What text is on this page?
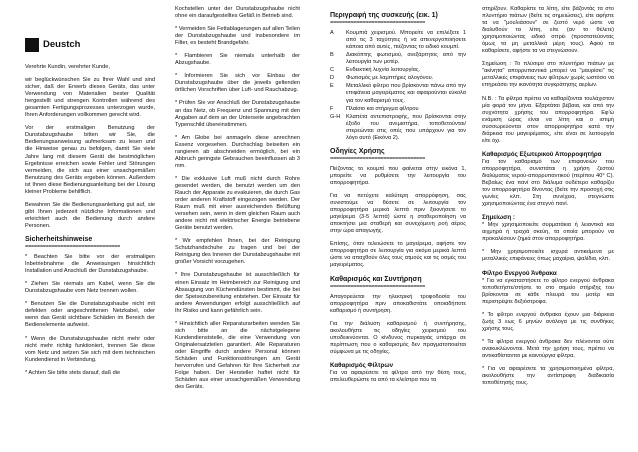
Deustch

Verehrte Kundin, verehrter Kunde,

wir beglückwünschen Sie zu Ihrer Wahl und sind sicher, daß der Erwerb dieses Geräts, das unter Verwendung von Materialien bester Qualität hergestellt und strengen Kontrollen während des gesamten Fertigungsprozesses unterzogen wurde, Ihren Anforderungen vollkommen gerecht wird.

Vor der erstmaligen Benutzung der Dunstabzugshaube bitten wir Sie, die Bedienungsanweisung aufmerksam zu lesen und die Hinweise genau zu befolgen, damit Sie viele Jahre lang mit diesem Gerät die bestmöglichen Ergebnisse erreichen sowie Fehler und Störungen vermeiden, die sich aus einer unsachgemäßen Benutzung des Geräts ergeben können. Außerdem ist Ihnen diese Bedienungsanleitung bei der Lösung kleiner Probleme behilflich.

Bewahren Sie die Bedienungsanleitung gut auf, sie gibt Ihnen jederzeit nützliche Informationen und erleichtert auch die Bedienung durch andere Personen.

Sicherheitshinweise
================================

* Beachten Sie bitte vor der erstmaligen Inbetriebnahme die Anweisungen hinsichtlich Installation und Anschluß der Dunstabzugshaube.

* Ziehen Sie niemals am Kabel, wenn Sie die Dunstabzugshaube vom Netz trennen wollen.

* Benutzen Sie die Dunstabzugshaube nicht mit defekten oder angeschnittenen Netzkabel, oder wenn das Gerät sichtbare Schäden im Bereich der Bedienelemente aufweist.

* Wenn die Dunstabzugshaube nicht mehr oder nicht mehr richtig funktioniert, trennen Sie diese vom Netz und setzen Sie sich mit dem technischen Kundendienst in Verbindung.

* Achten Sie bitte stets darauf, daß die

Kochstellen unter der Dunstabzugshaube nicht ohne ein daraufgestelltes Gefäß in Betrieb sind.

* Vermeiden Sie Fettablagerungen auf allen Teilen der Dunstabzugshaube und insbesondere im Filter, es besteht Brandgefahr.

* Flambieren Sie niemals unterhalb der Abzugshaube.

* Informieren Sie sich vor Einbau der Dunstabzugshaube über die jeweils geltenden örtlichen Vorschriften über Luft- und Rauchabzug.

* Prüfen Sie vor Anschluß der Dunstabzugshaube an das Netz, ob Frequenz und Spannung mit den Angaben auf dem an der Unterseite angebrachten Typenschild übereinstimmen.

* Am Globe bei anmageln diese anrechnen Essenz vorgesehen. Durchschlag beiseiten ein rangieren ab abschneiden ermöglich, bei ein Abbruch geringste Gebrauchen beeinflussen ab 3 mm.

* Die exklusive Luft muß nicht durch Rohre gesendet werden, die benutzt werden um den Rauch der Apparate zu evakuieren, die durch Gas order anderen Kraftstoff eingezogen werden. Der Raum muß mit einer ausreichenden Belüftung versehen sein, wenn in dem gleichen Raum auch andere nicht mit elektrischer Energie betriebene Geräte benutzt werden.

* Wir empfehlen Ihnen, bei der Reinigung Schutzhandschuhe zu tragen und bei der Reinigung des Inneren der Dunstabzugshaube mit großer Vorsicht vorzugehen.

* Ihre Dunstabzugshaube ist ausschließlich für einen Einsatz im Heimbereich zur Reinigung und Absaugung von Küchendünsten bestimmt, die bei der Speisezubereitung entstehen. Der Einsatz für andere Anwendungen erfolgt ausschließlich auf Ihr Risiko und kann gefährlich sein.

* Hinsichtlich aller Reparaturarbeiten wenden Sie sich bitte an die nächstgelegene Kundendienststelle, die eine Verwendung von Originalersatzteilen garantiert. Alle Reparaturen oder Eingriffe durch andere Personal können Schäden und Funktionsstörungen am Gerät hervorrufen und Gefahren für Ihre Sicherheit zur Folge haben. Der Hersteller haftet nicht für Schäden aus einer unsachgemäßen Verwendung des Geräts.

Περιγραφή της συσκευής (εικ. 1)
================================
A	Κουμπιά χειρισμού. Μπορείτε να επιλέξετε 1 από τις 3 ταχύτητες ή να απενεργοποιήσετε κάποια από αυτές, πιέζοντας το ειδικό κουμπί.
B	Διακόπτης φωτισμού, ανεξάρτητος από την λειτουργία των μοτέρ.
C	Ενδεικτική λυχνία λειτουργίας.
D	Φωτισμός με λαμπτήρες αλογόνου.
E	Μεταλλικό φίλτρο που βρίσκονται πάνω από την επιφάνεια μαγειρέματος και αφαιρούνται εύκολα για τον καθαρισμό τους.
F	Πλαίσιο και στήριγμα φίλτρου
G-H	Κλαπέτα αντεπιστροφής, που βρίσκονται στην έξοδο του ανεμιστήρα, τοποθετούνται/στερεώνται στις οπές που υπάρχουν για τον λόγο αυτό (Εικόνα 2).
Οδηγίες Χρήσης
================================

Πιέζοντας το κουμπί που φαίνεται στην εικόνα 1, μπορείτε να ρυθμίσετε την λειτουργία του απορροφητήρα.

Για να πετύχετε καλύτερη απορρόφηση, σας συνιστούμε να θέσετε σε λειτουργία τον απορροφητήρα μερικά λεπτά πριν ξεκινήσετε το μαγείρεμα (3-5 λεπτά) ώστε η σταθεροποίηση να αποκτήσει μια σταθερή και συνεχόμενη ροή αέρος στην ώρα απαγωγής.

Επίσης, όταν τελειώσετε το μαγείρεμα, αφήστε τον απορροφητήρα σε λειτουργία για ακόμα μερικά λεπτά ώστε να απαχθούν όλες τους ατμούς και τις οσμές του μαγειρέματος.

Καθαρισμός και Συντήρηση
================================

Απαγορεύεται την ηλεκτρική τροφοδοσία του απορροφητήρα πριν αποκαθιστάτε οποιαδήποτε καθαρισμό ή συντήρηση.

Για την διάλυση καθαρισμού ή συντήρησης, ακολουθήστε τις οδηγίες χειρισμού του υποδεικνύονται. Ο κίνδυνος πυρκαγιάς υπάρχει σε περίπτωση που ο καθαρισμός δεν πραγματοποιείται σύμφωνα με τις οδηγίες.

Καθαρισμός Φίλτρων

Για να αφαιρέσετε τα φίλτρα από την θέση τους, απελευθερώστε τα από τα κλείστρα που τα

στηρίζουν. Καθαρίστε τα λίπη, είτε βάζοντάς τα στο πλυντήριο πιάτων (δείτε τις σημειώσεις), είτε αφήστε τα να "μουλιάσουν" σε ζεστό νερό ώστε να διαλυθούν τα λίπη, είτε (αν το θέλετε) χρησιμοποιώντας ειδικό σπρέι (προστατεύοντας όμως τα μη μεταλλικά μέρη τους). Αφού τα καθαρίσετε, αφήστε τα να στεγνώσουν.

Σημείωση : Το πλύσιμο στο πλυντήριο πιάτων με "ακίνητα" απορρυπαντικά μπορεί να "μαυρίσει" τις μεταλλικές επιφάνειες των φίλτρων χωρίς ωστόσο να επηρεάσει την ικανότητα συγκράτησης αερίων.

N.B. : Τα φίλτρα πρέπει να καθαρίζονται τουλάχιστον μία φορά τον μήνα. Εξαρτάται βέβαια, και από την συχνότητα χρήσης του απορροφητήρα. Εφ'ώ ενάμιση ώρας είναι να λίπη και ο ιστιμή συσσωρεύονται στον απορροφητήρα κατά την διάρκεια του μαγειρέματος, είτε είναι σε λειτουργία είτε όχι.

Καθαρισμός Εξωτερικού Απορροφητήρα

Για τον καθαρισμό των επιφανειών του απορροφητήρα, συνιστάται η χρήση ζεστού διαλύματος νερού-απορρυπαντικού (περίπου 40° C). Βεβαίως ένα πανί στο διάλυμα ουδέτερο καθαρίζει τον απορροφητήρα δίνοντας (δείτε την προσοχή στις γωνίες κλπ. Στη συνέχεια, στεγνώστε χρησιμοποιώντας ένα στεγνό πανί.

Σημείωση :

* Μην χρησιμοποιείτε συρματάκια ή λειαντικά και αιχμηρά ή τραχιά σκεύη, τα οποία μπορούν να προκαλέσουν ζημιά στον απορροφητήρα.

* Μην χρησιμοποιείτε ισχυρά αντικείμενα με μεταλλικές επιφάνειες όπως μαχαίρια, ψαλίδια, κλπ.

Φίλτρο Ενεργού Άνθρακα

* Για να εγκαταστήσετε το φίλτρο ενεργού άνθρακα τοποθετήστε/στήστε το στο σημείο στήριξης του βρίσκονται σε κάθε πλευρά του μοτέρ και περιστρέψτε δεξιόστροφα.

* Το φίλτρο ενεργού άνθρακα έχουν μια διάρκεια ζωής 3 εως 6 μηνών ανάλογα με τις συνθήκες χρήσης τους.

* Τα φίλτρα ενεργού άνθρακα δεν πλένονται ούτε ανακυκλώνονται. Μετά την χρήση τους, πρέπει να αντικαθίστανται με καινούργια φίλτρα.

* Για να αφαιρέσετε τα χρησιμοποιημένα φίλτρα, ακολουθήστε την αντίστροφη διαδικασία τοποθέτησής τους.
